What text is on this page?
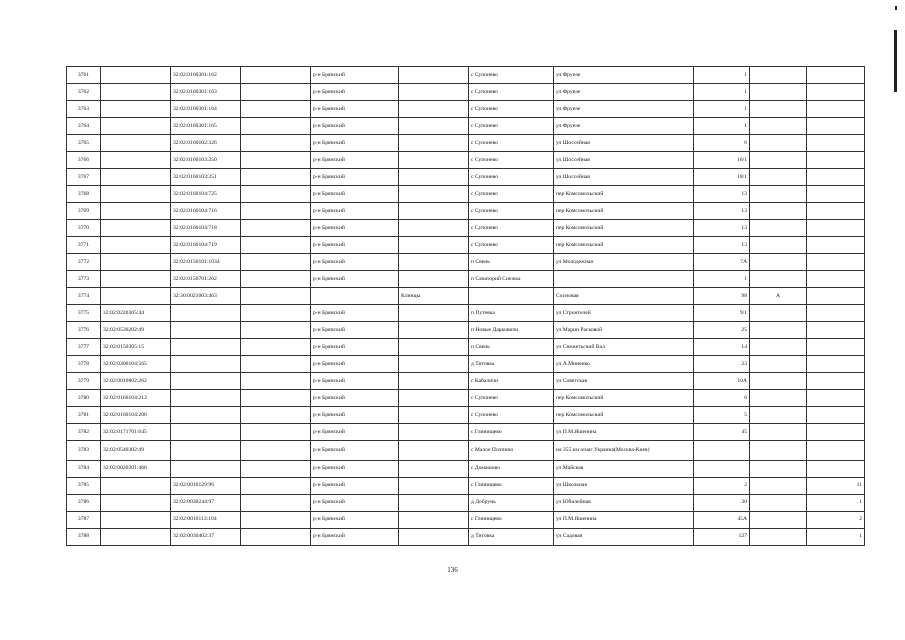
3761		32:02:0160301:162		р-н Брянский		с Супонево	ул Фрунзе	1		
3762		32:02:0160301:163		р-н Брянский		с Супонево	ул Фрунзе	1		
3763		32:02:0160301:164		р-н Брянский		с Супонево	ул Фрунзе	1		
3764		32:02:0160301:165		р-н Брянский		с Супонево	ул Фрунзе	1		
3765		32:02:0160102:326		р-н Брянский		с Супонево	ул Шоссейная	6		
3766		32:02:0160103:250		р-н Брянский		с Супонево	ул Шоссейная	16/1		
3767		32:02:0160103:251		р-н Брянский		с Супонево	ул Шоссейная	18/1		
3768		32:02:0160104:725		р-н Брянский		с Супонево	пер Комсомольский	13		
3769		32:02:0160104:716		р-н Брянский		с Супонево	пер Комсомольский	13		
3770		32:02:0160104:718		р-н Брянский		с Супонево	пер Комсомольский	13		
3771		32:02:0160104:719		р-н Брянский		с Супонево	пер Комсомольский	13		
3772		32:02:0150101:1034		р-н Брянский		п Свень	ул Молодежная	7А		
3773		32:02:0150701:262		р-н Брянский		п Санаторий Снежка		1		
3774		32:30:0021003:463			Клинцы		Сосновая	98	А	
3775	32:02:0220305:44			р-н Брянский		п Путевка	ул Строителей	9/1		
3776	32:02:0530202:49			р-н Брянский		п Новые Дарковичи	ул Марии Расковой	25		
3777	32:02:0150305:15			р-н Брянский		п Свень	ул Снежетьский Вал	14		
3778	32:02:0300104:565			р-н Брянский		д Титовка	ул А.Миненко	23		
3779	32:02:0010802:262			р-н Брянский		с Кабаличи	ул Советская	10А		
3780	32:02:0160104:213			р-н Брянский		с Супонево	пер Комсомольский	6		
3781	32:02:0160104:206			р-н Брянский		с Супонево	пер Комсомольский	5		
3782	32:02:0171701:645			р-н Брянский		с Глинищево	ул П.М.Яшенина	45		
3783	32:02:0540302:49			р-н Брянский		с Малое Полпино	на 355 км а/маг Украина(Москва-Киев)			
3784	32:02:0020201:468			р-н Брянский		с Домашово	ул Майская			
3785		32:02:0010129:96		р-н Брянский		с Глинищево	ул Школьная	2		11
3786		32:02:0030244:97		р-н Брянский		д Добрунь	ул Юбилейная	30		1
3787		32:02:0010113:104		р-н Брянский		с Глинищево	ул П.М.Яшенина	45А		2
3788		32:02:0030402:37		р-н Брянский		д Титовка	ул Садовая	127		1
136
